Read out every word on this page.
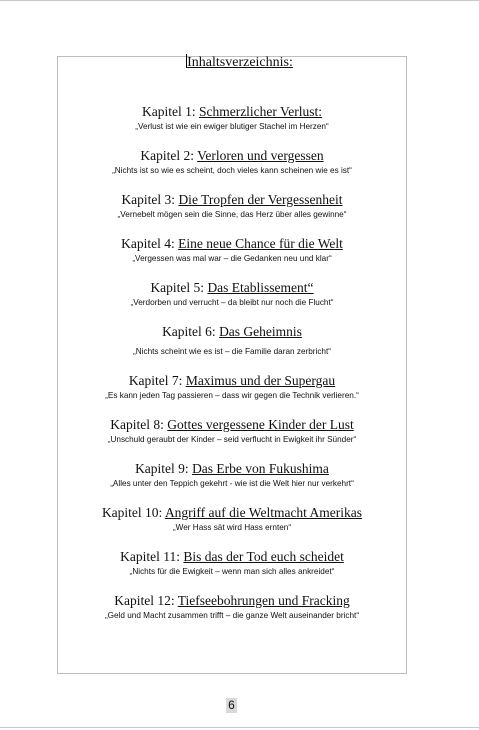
Inhaltsverzeichnis:
Kapitel 1: Schmerzlicher Verlust:
„Verlust ist wie ein ewiger blutiger Stachel im Herzen“
Kapitel 2: Verloren und vergessen
„Nichts ist so wie es scheint, doch vieles kann scheinen wie es ist“
Kapitel 3: Die Tropfen der Vergessenheit
„Vernebelt mögen sein die Sinne, das Herz über alles gewinne“
Kapitel 4: Eine neue Chance für die Welt
„Vergessen was mal war – die Gedanken neu und klar“
Kapitel 5: Das Etablissement“
„Verdorben und verrucht – da bleibt nur noch die Flucht“
Kapitel 6: Das Geheimnis
„Nichts scheint wie es ist – die Familie daran zerbricht“
Kapitel 7: Maximus und der Supergau
„Es kann jeden Tag passieren – dass wir gegen die Technik verlieren.“
Kapitel 8: Gottes vergessene Kinder der Lust
„Unschuld geraubt der Kinder – seid verflucht in Ewigkeit ihr Sünder“
Kapitel 9: Das Erbe von Fukushima
„Alles unter den Teppich gekehrt - wie ist die Welt hier nur verkehrt“
Kapitel 10: Angriff auf die Weltmacht Amerikas
„Wer Hass sät wird Hass ernten“
Kapitel 11: Bis das der Tod euch scheidet
„Nichts für die Ewigkeit – wenn man sich alles ankreidet“
Kapitel 12: Tiefseebohrungen und Fracking
„Geld und Macht zusammen trifft – die ganze Welt auseinander bricht“
6
